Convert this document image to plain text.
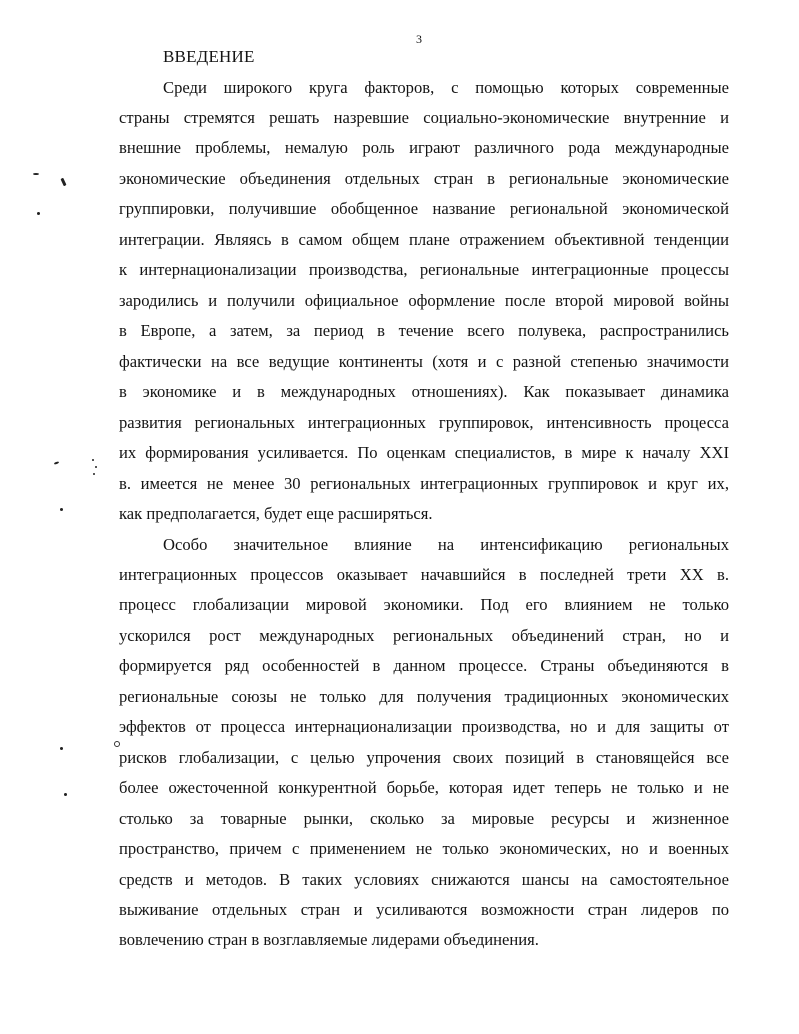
3
ВВЕДЕНИЕ
Среди широкого круга факторов, с помощью которых современные
страны стремятся решать назревшие социально-экономические внутренние и
внешние проблемы, немалую роль играют различного рода международные
экономические объединения отдельных стран в региональные экономические
группировки, получившие обобщенное название региональной экономической
интеграции. Являясь в самом общем плане отражением объективной тенденции
к интернационализации производства, региональные интеграционные процессы
зародились и получили официальное оформление после второй мировой войны
в Европе, а затем, за период в течение всего полувека, распространились
фактически на все ведущие континенты (хотя и с разной степенью значимости
в экономике и в международных отношениях). Как показывает динамика
развития региональных интеграционных группировок, интенсивность процесса
их формирования усиливается. По оценкам специалистов, в мире к началу XXI
в. имеется не менее 30 региональных интеграционных группировок и круг их,
как предполагается, будет еще расширяться.
Особо значительное влияние на интенсификацию региональных
интеграционных процессов оказывает начавшийся в последней трети XX в.
процесс глобализации мировой экономики. Под его влиянием не только
ускорился рост международных региональных объединений стран, но и
формируется ряд особенностей в данном процессе. Страны объединяются в
региональные союзы не только для получения традиционных экономических
эффектов от процесса интернационализации производства, но и для защиты от
рисков глобализации, с целью упрочения своих позиций в становящейся все
более ожесточенной конкурентной борьбе, которая идет теперь не только и не
столько за товарные рынки, сколько за мировые ресурсы и жизненное
пространство, причем с применением не только экономических, но и военных
средств и методов. В таких условиях снижаются шансы на самостоятельное
выживание отдельных стран и усиливаются возможности стран лидеров по
вовлечению стран в возглавляемые лидерами объединения.
